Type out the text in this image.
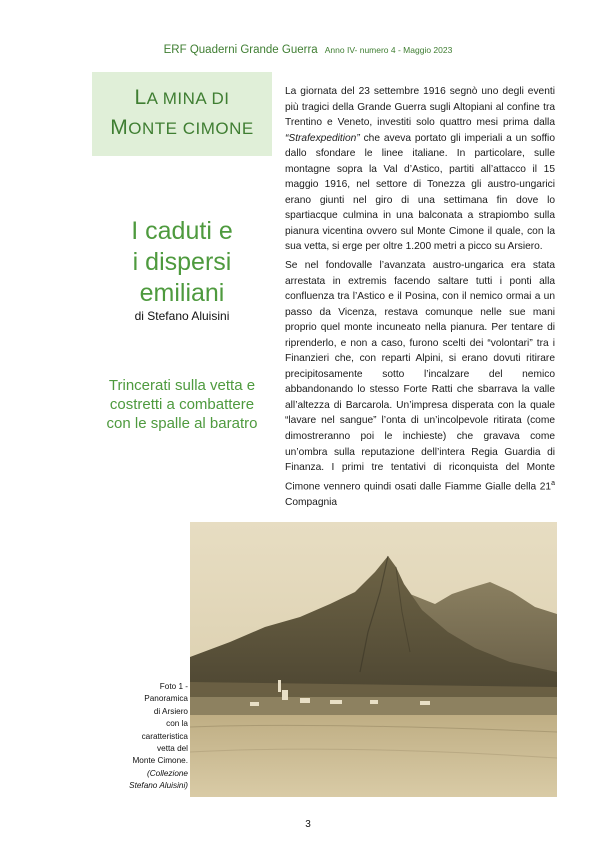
ERF Quaderni Grande Guerra Anno IV- numero 4 - Maggio 2023
LA MINA DI
MONTE CIMONE
I caduti e
i dispersi
emiliani
di Stefano Aluisini
Trincerati sulla vetta e
costretti a combattere
con le spalle al baratro

La giornata del 23 settembre 1916 segnò uno degli eventi più tragici della Grande Guerra sugli Altopiani al confine tra Trentino e Veneto, investiti solo quattro mesi prima dalla “Strafexpedition” che aveva portato gli imperiali a un soffio dallo sfondare le linee italiane. In particolare, sulle montagne sopra la Val d’Astico, partiti all’attacco il 15 maggio 1916, nel settore di Tonezza gli austro-ungarici erano giunti nel giro di una settimana fin dove lo spartiacque culmina in una balconata a strapiombo sulla pianura vicentina ovvero sul Monte Cimone il quale, con la sua vetta, si erge per oltre 1.200 metri a picco su Arsiero.

Se nel fondovalle l’avanzata austro-ungarica era stata arrestata in extremis facendo saltare tutti i ponti alla confluenza tra l’Astico e il Posina, con il nemico ormai a un passo da Vicenza, restava comunque nelle sue mani proprio quel monte incuneato nella pianura. Per tentare di riprenderlo, e non a caso, furono scelti dei “volontari” tra i Finanzieri che, con reparti Alpini, si erano dovuti ritirare precipitosamente sotto l’incalzare del nemico abbandonando lo stesso Forte Ratti che sbarrava la valle all’altezza di Barcarola. Un’impresa disperata con la quale “lavare nel sangue” l’onta di un’incolpevole ritirata (come dimostreranno poi le inchieste) che gravava come un’ombra sulla reputazione dell’intera Regia Guardia di Finanza. I primi tre tentativi di riconquista del Monte Cimone vennero quindi osati dalle Fiamme Gialle della 21$^a$ Compagnia

Foto 1 -
Panoramica
di Arsiero
con la
caratteristica
vetta del
Monte Cimone.
(Collezione
Stefano Aluisini)
3
